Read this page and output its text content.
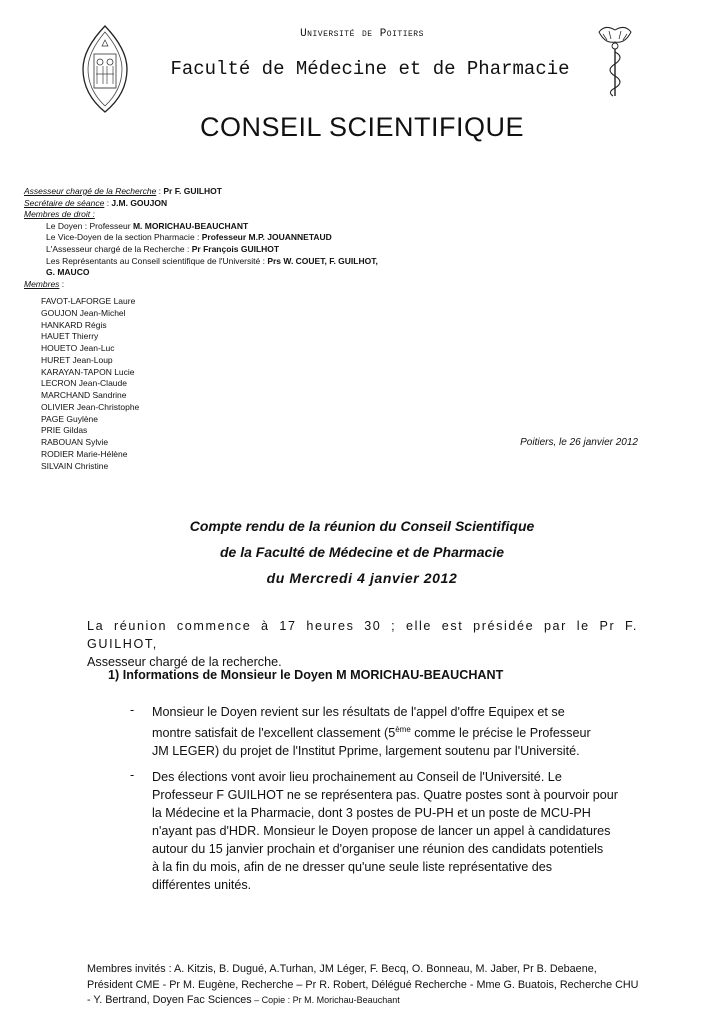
Université de Poitiers
Faculté de Médecine et de Pharmacie
CONSEIL SCIENTIFIQUE
Assesseur chargé de la Recherche : Pr F. GUILHOT
Secrétaire de séance : J.M. GOUJON
Membres de droit :
Le Doyen : Professeur M. MORICHAU-BEAUCHANT
Le Vice-Doyen de la section Pharmacie : Professeur M.P. JOUANNETAUD
L'Assesseur chargé de la Recherche : Pr François GUILHOT
Les Représentants au Conseil scientifique de l'Université : Prs W. COUET, F. GUILHOT,
G. MAUCO
Membres :
FAVOT-LAFORGE Laure
GOUJON Jean-Michel
HANKARD Régis
HAUET Thierry
HOUETO Jean-Luc
HURET Jean-Loup
KARAYAN-TAPON Lucie
LECRON Jean-Claude
MARCHAND Sandrine
OLIVIER Jean-Christophe
PAGE Guylène
PRIE Gildas
RABOUAN Sylvie
RODIER Marie-Hélène
SILVAIN Christine
Poitiers, le 26 janvier 2012
Compte rendu de la réunion du Conseil Scientifique
de la Faculté de Médecine et de Pharmacie
du Mercredi 4 janvier 2012
La réunion commence à 17 heures 30 ; elle est présidée par le Pr F. GUILHOT,
Assesseur chargé de la recherche.
1) Informations de Monsieur le Doyen M MORICHAU-BEAUCHANT
- Monsieur le Doyen revient sur les résultats de l'appel d'offre Equipex et se
montre satisfait de l'excellent classement (5ème comme le précise le Professeur
JM LEGER) du projet de l'Institut Pprime, largement soutenu par l'Université.
- Des élections vont avoir lieu prochainement au Conseil de l'Université. Le
Professeur F GUILHOT ne se représentera pas. Quatre postes sont à pourvoir pour
la Médecine et la Pharmacie, dont 3 postes de PU-PH et un poste de MCU-PH
n'ayant pas d'HDR. Monsieur le Doyen propose de lancer un appel à candidatures
autour du 15 janvier prochain et d'organiser une réunion des candidats potentiels
à la fin du mois, afin de ne dresser qu'une seule liste représentative des
différentes unités.
Membres invités : A. Kitzis, B. Dugué, A.Turhan, JM Léger, F. Becq, O. Bonneau, M. Jaber, Pr B. Debaene,
Président CME - Pr M. Eugène, Recherche – Pr R. Robert, Délégué Recherche - Mme G. Buatois, Recherche CHU
- Y. Bertrand, Doyen Fac Sciences – Copie : Pr M. Morichau-Beauchant
